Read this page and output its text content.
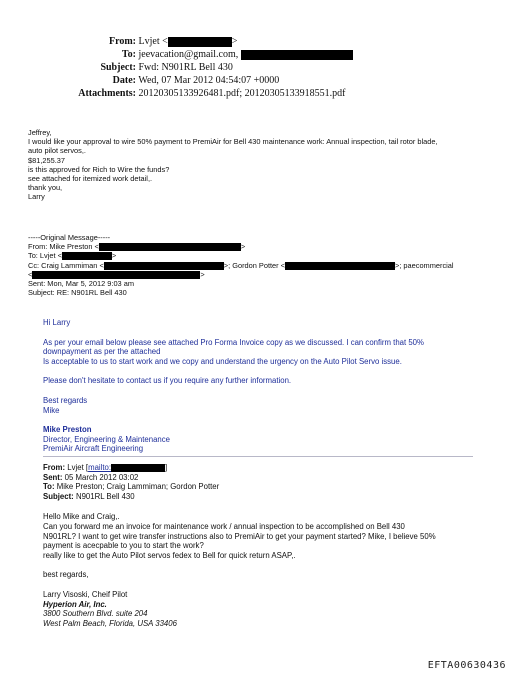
From: Lvjet <	>
To: jeevacation@gmail.com,
Subject: Fwd: N901RL Bell 430
Date: Wed, 07 Mar 2012 04:54:07 +0000
Attachments: 20120305133926481.pdf; 20120305133918551.pdf
Jeffrey,
I would like your approval to wire 50% payment to PremiAir for Bell 430 maintenance work: Annual inspection, tail rotor blade,
auto pilot servos,.
$81,255.37
is this approved for Rich to Wire the funds?
see attached for itemized work detail,.
thank you,
Larry
-----Original Message-----
From: Mike Preston <	>
To: Lvjet <	>
Cc: Craig Lammiman <	>; Gordon Potter <	>; paecommercial
<	>
Sent: Mon, Mar 5, 2012 9:03 am
Subject: RE: N901RL Bell 430

Hi Larry

As per your email below please see attached Pro Forma Invoice copy as we discussed. I can confirm that 50%

downpayment as per the attached

Is acceptable to us to start work and we copy and understand the urgency on the Auto Pilot Servo issue.

Please don't hesitate to contact us if you require any further information.

Best regards

Mike

Mike Preston

Director, Engineering & Maintenance

PremiAir Aircraft Engineering

From: Lvjet [mailto:	]
Sent: 05 March 2012 03:02
To: Mike Preston; Craig Lammiman; Gordon Potter
Subject: N901RL Bell 430
Hello Mike and Craig,.
Can you forward me an invoice for maintenance work / annual inspection to be accomplished on Bell 430
N901RL? I want to get wire transfer instructions also to PremiAir to get your payment started? Mike, I believe 50%
payment is acecpable to you to start the work?
really like to get the Auto Pilot servos fedex to Bell for quick return ASAP,.
best regards,
Larry Visoski, Cheif Pilot
Hyperion Air, Inc.
3800 Southern Blvd. suite 204
West Palm Beach, Florida, USA 33406
EFTA00630436
